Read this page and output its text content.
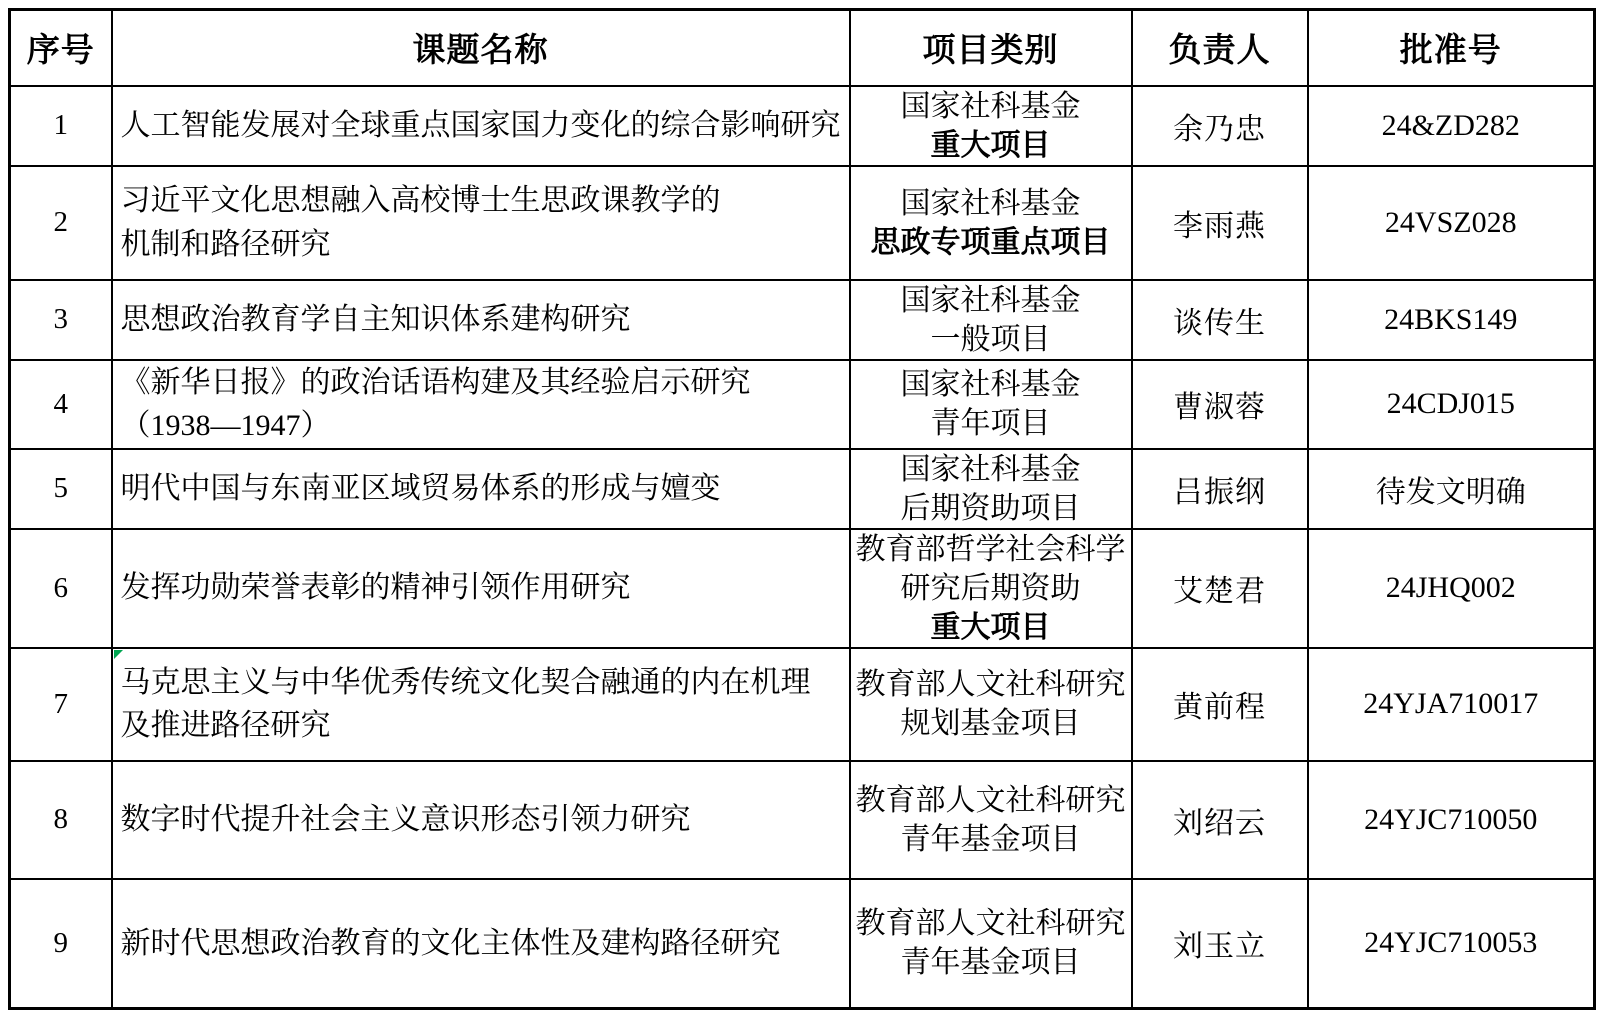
序号	课题名称	项目类别	负责人	批准号
1	人工智能发展对全球重点国家国力变化的综合影响研究	国家社科基金
重大项目	余乃忠	24&ZD282
2	习近平文化思想融入高校博士生思政课教学的
机制和路径研究	国家社科基金
思政专项重点项目	李雨燕	24VSZ028
3	思想政治教育学自主知识体系建构研究	国家社科基金
一般项目	谈传生	24BKS149
4	《新华日报》的政治话语构建及其经验启示研究
（1938—1947）	国家社科基金
青年项目	曹淑蓉	24CDJ015
5	明代中国与东南亚区域贸易体系的形成与嬗变	国家社科基金
后期资助项目	吕振纲	待发文明确
6	发挥功勋荣誉表彰的精神引领作用研究	教育部哲学社会科学
研究后期资助
重大项目	艾楚君	24JHQ002
7	马克思主义与中华优秀传统文化契合融通的内在机理
及推进路径研究	教育部人文社科研究
规划基金项目	黄前程	24YJA710017
8	数字时代提升社会主义意识形态引领力研究	教育部人文社科研究
青年基金项目	刘绍云	24YJC710050
9	新时代思想政治教育的文化主体性及建构路径研究	教育部人文社科研究
青年基金项目	刘玉立	24YJC710053
